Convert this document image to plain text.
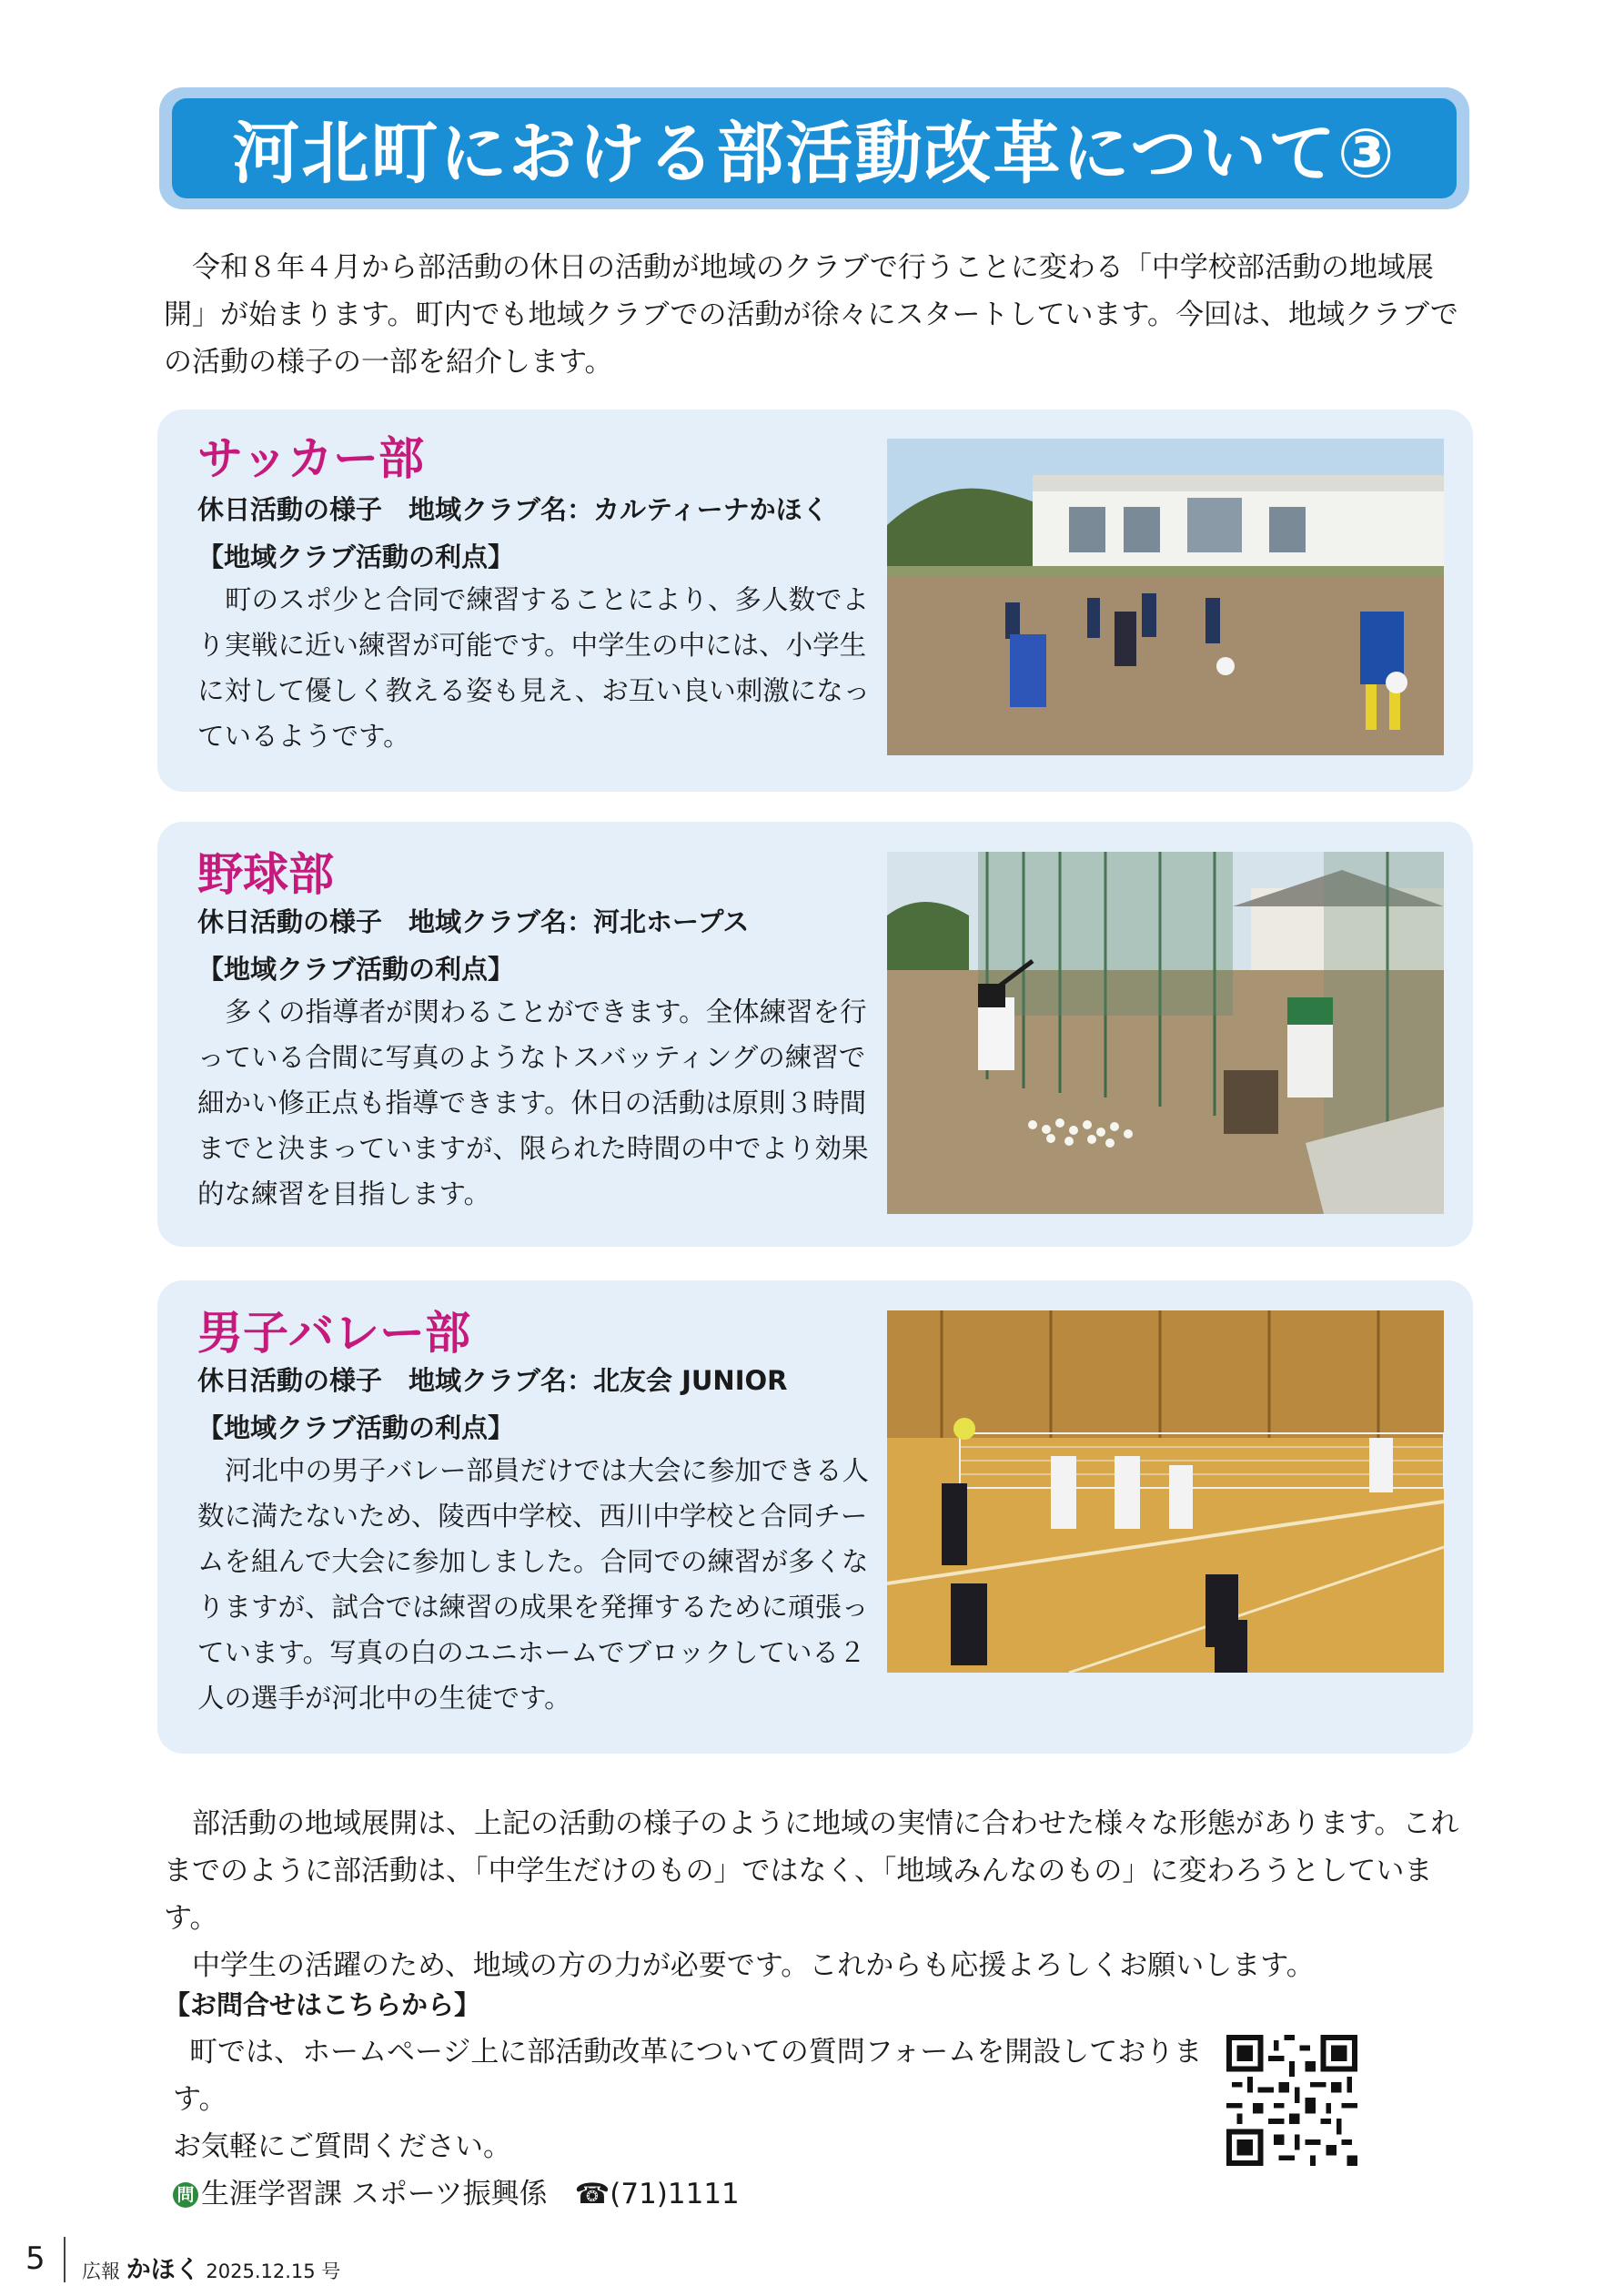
河北町における部活動改革について③

令和８年４月から部活動の休日の活動が地域のクラブで行うことに変わる「中学校部活動の地域展開」が始まります。町内でも地域クラブでの活動が徐々にスタートしています。今回は、地域クラブでの活動の様子の一部を紹介します。

サッカー部
休日活動の様子　地域クラブ名：カルティーナかほく
【地域クラブ活動の利点】

町のスポ少と合同で練習することにより、多人数でより実戦に近い練習が可能です。中学生の中には、小学生に対して優しく教える姿も見え、お互い良い刺激になっているようです。

野球部
休日活動の様子　地域クラブ名：河北ホープス
【地域クラブ活動の利点】

多くの指導者が関わることができます。全体練習を行っている合間に写真のようなトスバッティングの練習で細かい修正点も指導できます。休日の活動は原則３時間までと決まっていますが、限られた時間の中でより効果的な練習を目指します。

男子バレー部
休日活動の様子　地域クラブ名：北友会 JUNIOR
【地域クラブ活動の利点】

河北中の男子バレー部員だけでは大会に参加できる人数に満たないため、陵西中学校、西川中学校と合同チームを組んで大会に参加しました。合同での練習が多くなりますが、試合では練習の成果を発揮するために頑張っています。写真の白のユニホームでブロックしている２人の選手が河北中の生徒です。

部活動の地域展開は、上記の活動の様子のように地域の実情に合わせた様々な形態があります。これまでのように部活動は、「中学生だけのもの」ではなく、「地域みんなのもの」に変わろうとしています。

中学生の活躍のため、地域の方の力が必要です。これからも応援よろしくお願いします。

【お問合せはこちらから】

町では、ホームページ上に部活動改革についての質問フォームを開設しております。

お気軽にご質問ください。

問 生涯学習課 スポーツ振興係 ☎(71)1111

5 広報 かほく 2025.12.15 号
